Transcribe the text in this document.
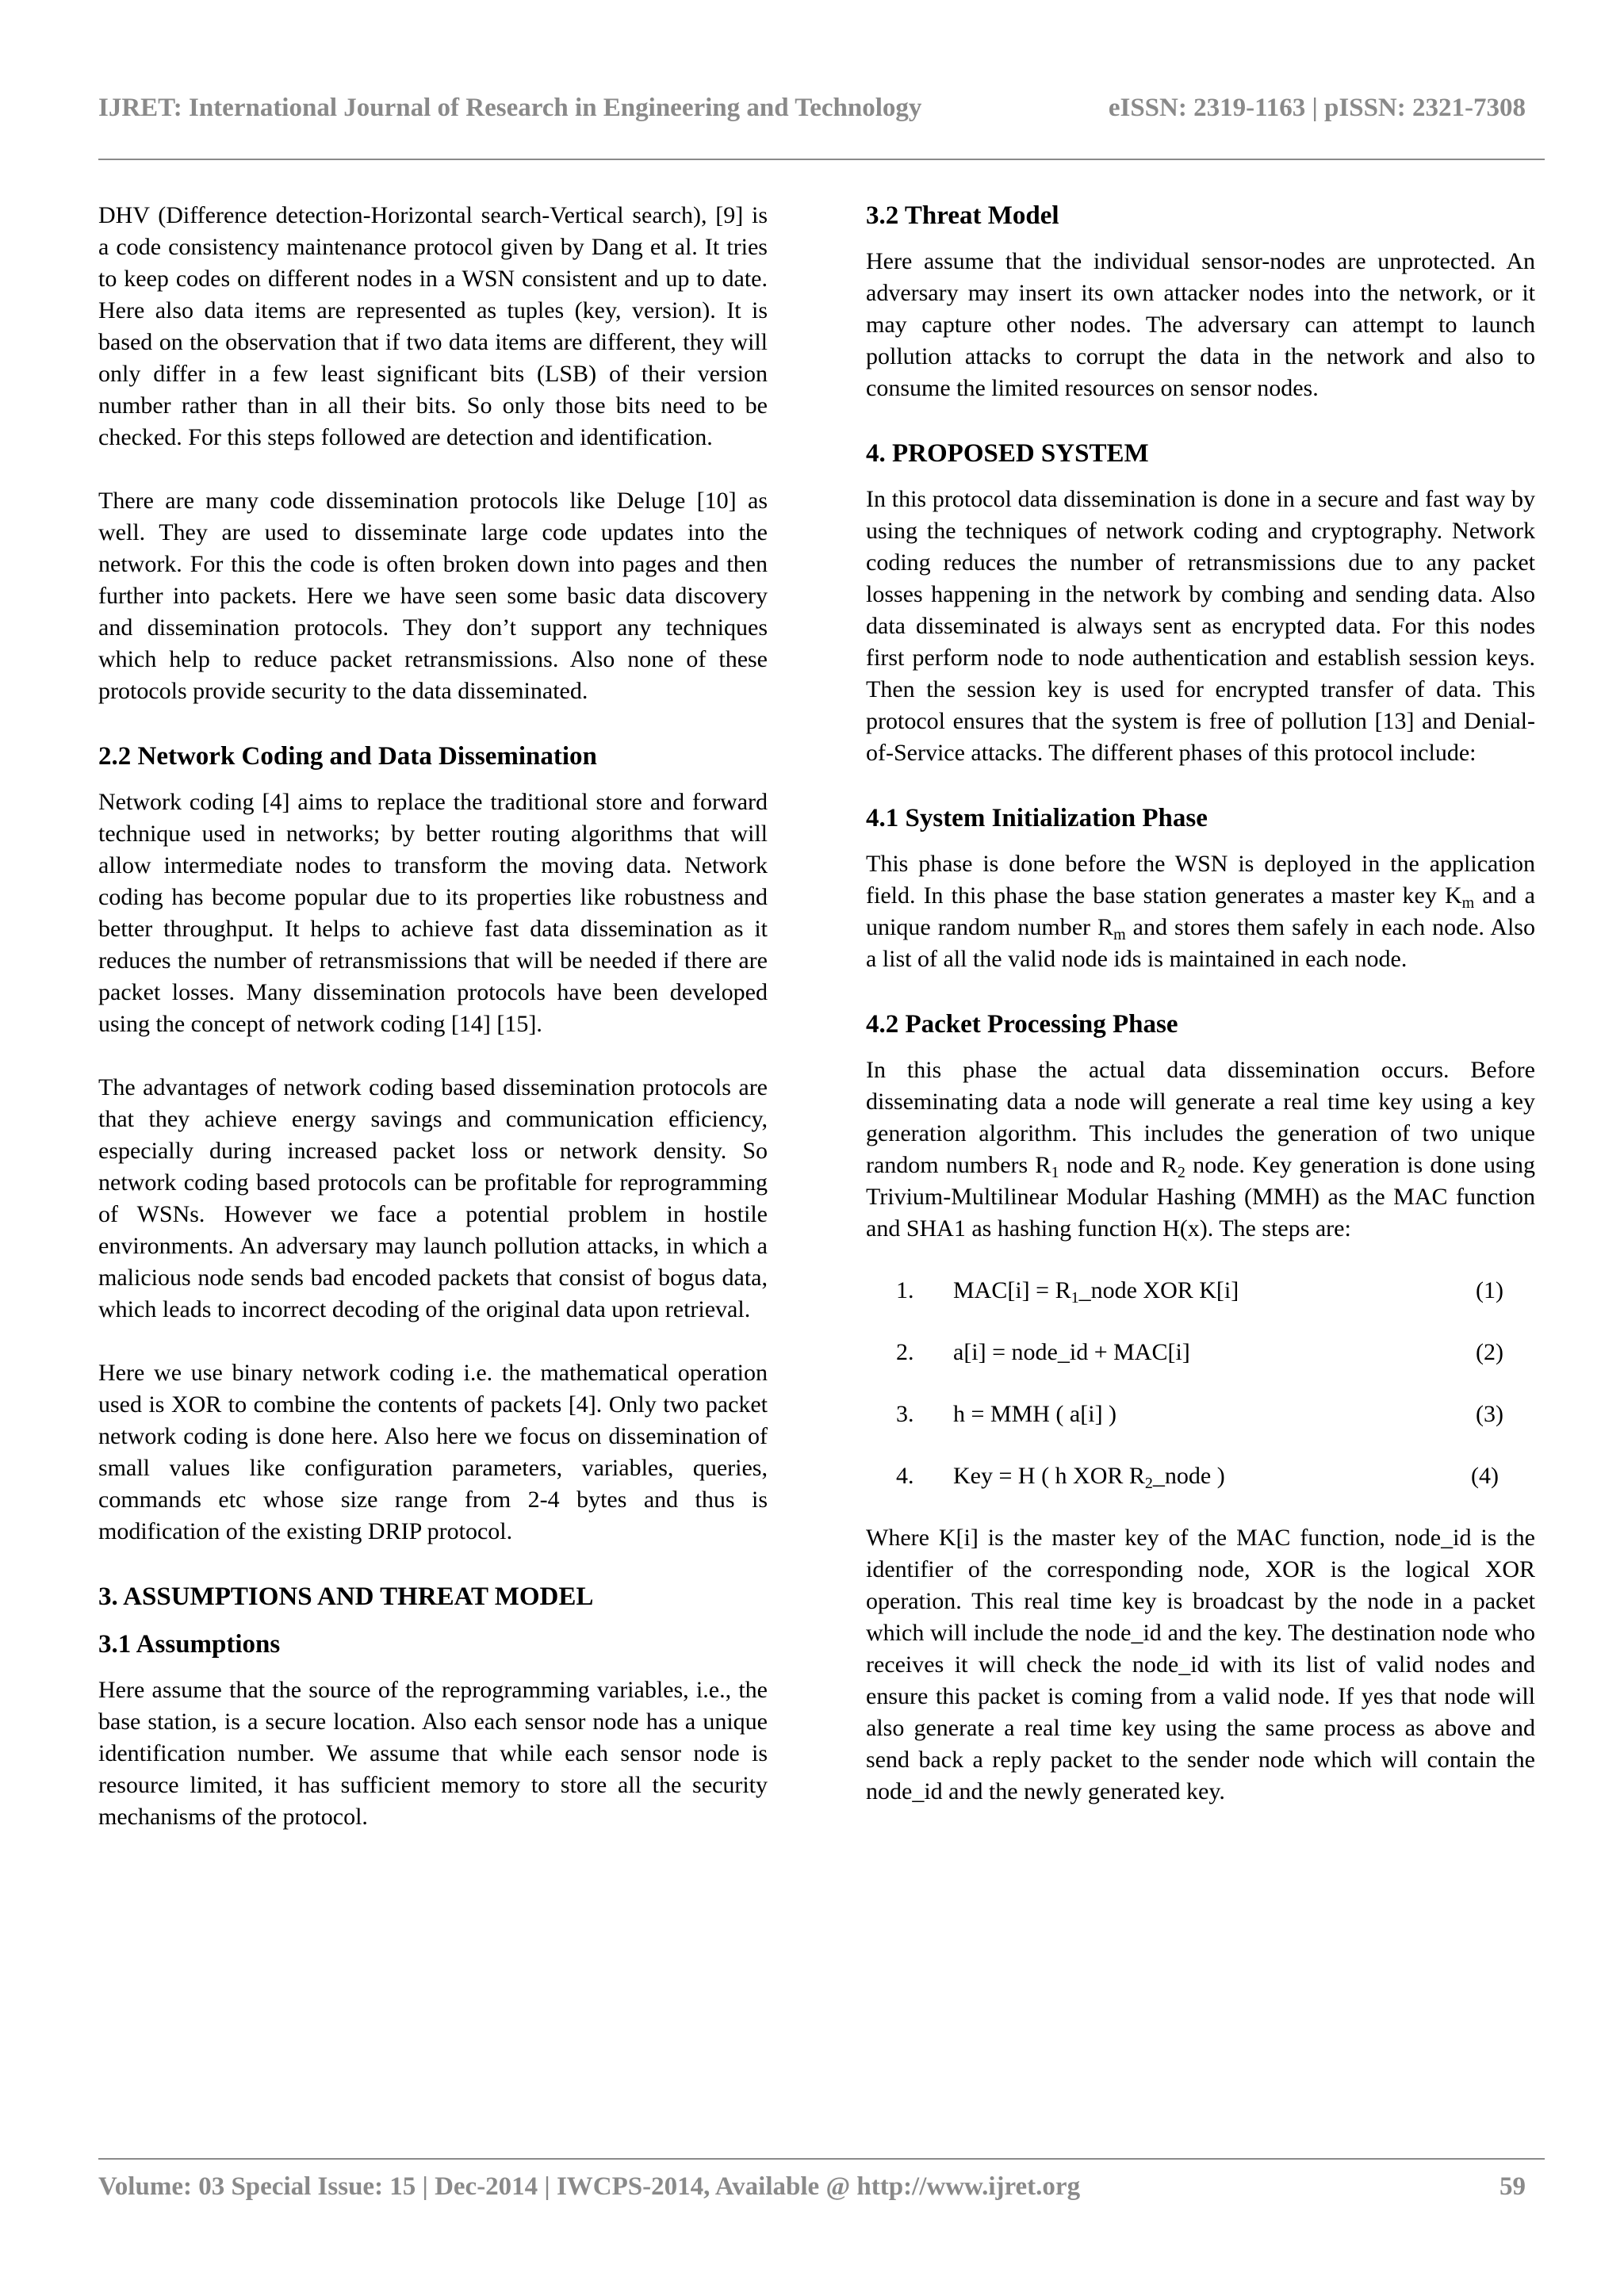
IJRET: International Journal of Research in Engineering and Technology	eISSN: 2319-1163 | pISSN: 2321-7308

DHV (Difference detection-Horizontal search-Vertical search), [9] is a code consistency maintenance protocol given by Dang et al. It tries to keep codes on different nodes in a WSN consistent and up to date. Here also data items are represented as tuples (key, version). It is based on the observation that if two data items are different, they will only differ in a few least significant bits (LSB) of their version number rather than in all their bits. So only those bits need to be checked. For this steps followed are detection and identification.

There are many code dissemination protocols like Deluge [10] as well. They are used to disseminate large code updates into the network. For this the code is often broken down into pages and then further into packets. Here we have seen some basic data discovery and dissemination protocols. They don’t support any techniques which help to reduce packet retransmissions. Also none of these protocols provide security to the data disseminated.

2.2 Network Coding and Data Dissemination

Network coding [4] aims to replace the traditional store and forward technique used in networks; by better routing algorithms that will allow intermediate nodes to transform the moving data. Network coding has become popular due to its properties like robustness and better throughput. It helps to achieve fast data dissemination as it reduces the number of retransmissions that will be needed if there are packet losses. Many dissemination protocols have been developed using the concept of network coding [14] [15].

The advantages of network coding based dissemination protocols are that they achieve energy savings and communication efficiency, especially during increased packet loss or network density. So network coding based protocols can be profitable for reprogramming of WSNs. However we face a potential problem in hostile environments. An adversary may launch pollution attacks, in which a malicious node sends bad encoded packets that consist of bogus data, which leads to incorrect decoding of the original data upon retrieval.

Here we use binary network coding i.e. the mathematical operation used is XOR to combine the contents of packets [4]. Only two packet network coding is done here. Also here we focus on dissemination of small values like configuration parameters, variables, queries, commands etc whose size range from 2-4 bytes and thus is modification of the existing DRIP protocol.

3. ASSUMPTIONS AND THREAT MODEL
3.1 Assumptions

Here assume that the source of the reprogramming variables, i.e., the base station, is a secure location. Also each sensor node has a unique identification number. We assume that while each sensor node is resource limited, it has sufficient memory to store all the security mechanisms of the protocol.

3.2 Threat Model

Here assume that the individual sensor-nodes are unprotected. An adversary may insert its own attacker nodes into the network, or it may capture other nodes. The adversary can attempt to launch pollution attacks to corrupt the data in the network and also to consume the limited resources on sensor nodes.

4. PROPOSED SYSTEM

In this protocol data dissemination is done in a secure and fast way by using the techniques of network coding and cryptography. Network coding reduces the number of retransmissions due to any packet losses happening in the network by combing and sending data. Also data disseminated is always sent as encrypted data. For this nodes first perform node to node authentication and establish session keys. Then the session key is used for encrypted transfer of data. This protocol ensures that the system is free of pollution [13] and Denial-of-Service attacks. The different phases of this protocol include:

4.1 System Initialization Phase

This phase is done before the WSN is deployed in the application field. In this phase the base station generates a master key $K_m$ and a unique random number $R_m$ and stores them safely in each node. Also a list of all the valid node ids is maintained in each node.

4.2 Packet Processing Phase

In this phase the actual data dissemination occurs. Before disseminating data a node will generate a real time key using a key generation algorithm. This includes the generation of two unique random numbers $R_1$ node and $R_2$ node. Key generation is done using Trivium-Multilinear Modular Hashing (MMH) as the MAC function and SHA1 as hashing function H(x). The steps are:

1.	$MAC[i] = R_1\_node$ XOR K[i]	(1)
2.	a[i] = node_id + MAC[i]	(2)
3.	h = MMH ( a[i] )	(3)
4.	Key = H ( h XOR $R_2\_node$ )	(4)

Where K[i] is the master key of the MAC function, node_id is the identifier of the corresponding node, XOR is the logical XOR operation. This real time key is broadcast by the node in a packet which will include the node_id and the key. The destination node who receives it will check the node_id with its list of valid nodes and ensure this packet is coming from a valid node. If yes that node will also generate a real time key using the same process as above and send back a reply packet to the sender node which will contain the node_id and the newly generated key.

Volume: 03 Special Issue: 15 | Dec-2014 | IWCPS-2014, Available @ http://www.ijret.org	59
